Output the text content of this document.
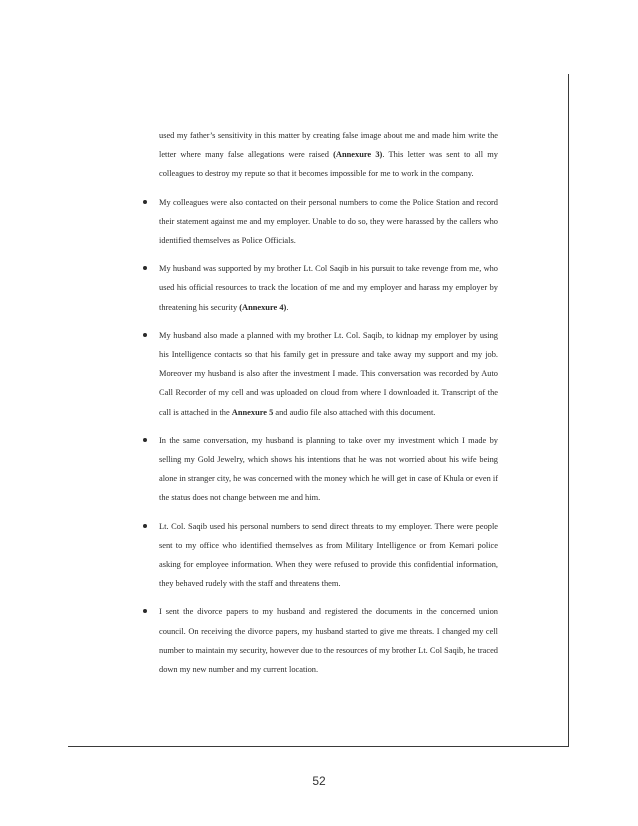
used my father’s sensitivity in this matter by creating false image about me and made him write the letter where many false allegations were raised (Annexure 3). This letter was sent to all my colleagues to destroy my repute so that it becomes impossible for me to work in the company.

My colleagues were also contacted on their personal numbers to come the Police Station and record their statement against me and my employer. Unable to do so, they were harassed by the callers who identified themselves as Police Officials.
My husband was supported by my brother Lt. Col Saqib in his pursuit to take revenge from me, who used his official resources to track the location of me and my employer and harass my employer by threatening his security (Annexure 4).
My husband also made a planned with my brother Lt. Col. Saqib, to kidnap my employer by using his Intelligence contacts so that his family get in pressure and take away my support and my job. Moreover my husband is also after the investment I made. This conversation was recorded by Auto Call Recorder of my cell and was uploaded on cloud from where I downloaded it. Transcript of the call is attached in the Annexure 5 and audio file also attached with this document.
In the same conversation, my husband is planning to take over my investment which I made by selling my Gold Jewelry, which shows his intentions that he was not worried about his wife being alone in stranger city, he was concerned with the money which he will get in case of Khula or even if the status does not change between me and him.
Lt. Col. Saqib used his personal numbers to send direct threats to my employer. There were people sent to my office who identified themselves as from Military Intelligence or from Kemari police asking for employee information. When they were refused to provide this confidential information, they behaved rudely with the staff and threatens them.
I sent the divorce papers to my husband and registered the documents in the concerned union council. On receiving the divorce papers, my husband started to give me threats. I changed my cell number to maintain my security, however due to the resources of my brother Lt. Col Saqib, he traced down my new number and my current location.
52
